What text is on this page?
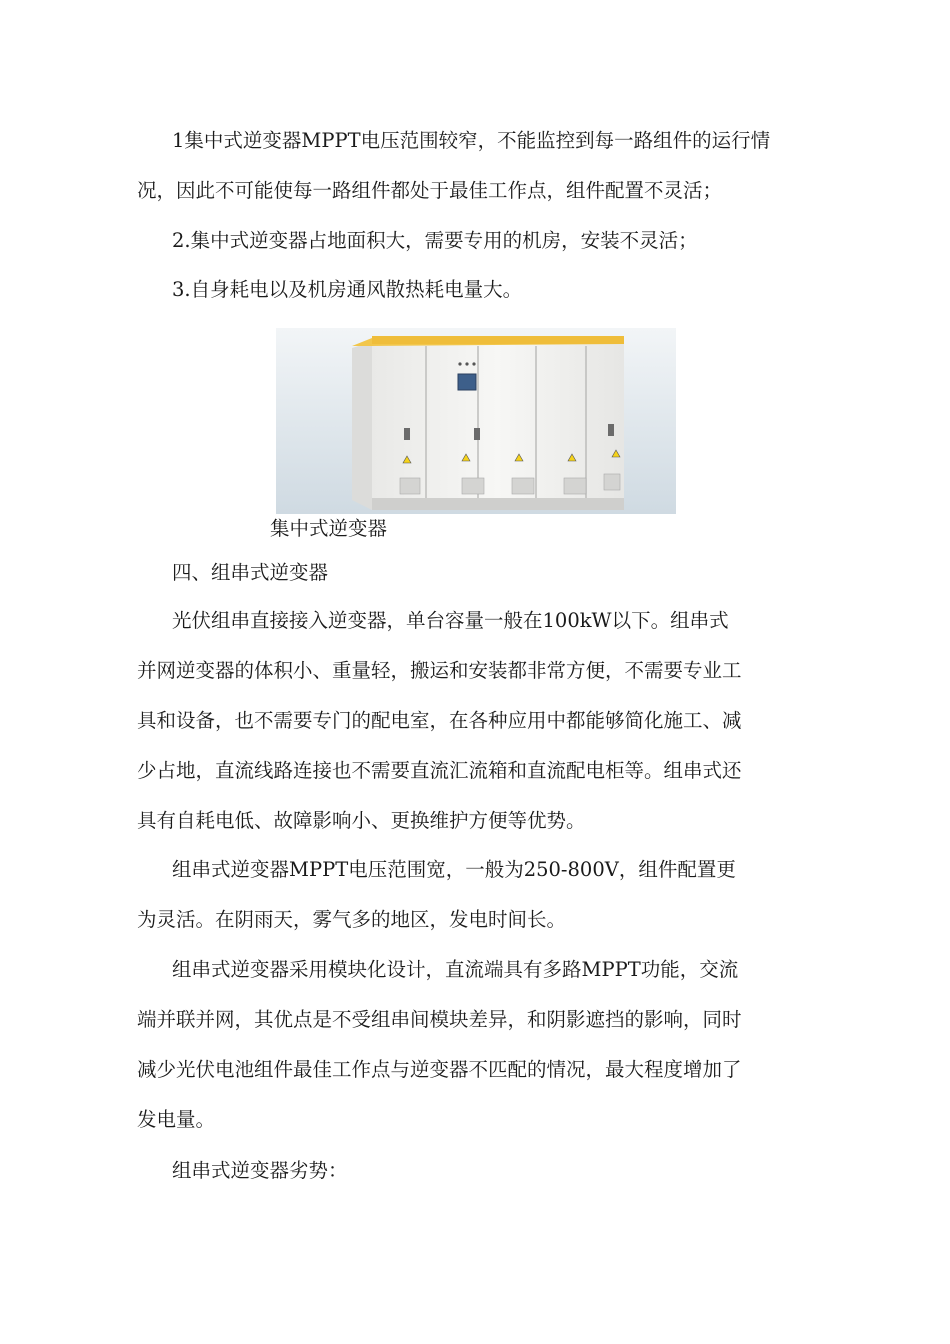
1集中式逆变器MPPT电压范围较窄，不能监控到每一路组件的运行情
况，因此不可能使每一路组件都处于最佳工作点，组件配置不灵活；
2.集中式逆变器占地面积大，需要专用的机房，安装不灵活；
3.自身耗电以及机房通风散热耗电量大。
集中式逆变器
四、组串式逆变器
光伏组串直接接入逆变器，单台容量一般在100kW以下。组串式
并网逆变器的体积小、重量轻，搬运和安装都非常方便，不需要专业工
具和设备，也不需要专门的配电室，在各种应用中都能够简化施工、减
少占地，直流线路连接也不需要直流汇流箱和直流配电柜等。组串式还
具有自耗电低、故障影响小、更换维护方便等优势。
组串式逆变器MPPT电压范围宽，一般为250-800V，组件配置更
为灵活。在阴雨天，雾气多的地区，发电时间长。
组串式逆变器采用模块化设计，直流端具有多路MPPT功能，交流
端并联并网，其优点是不受组串间模块差异，和阴影遮挡的影响，同时
减少光伏电池组件最佳工作点与逆变器不匹配的情况，最大程度增加了
发电量。
组串式逆变器劣势：
